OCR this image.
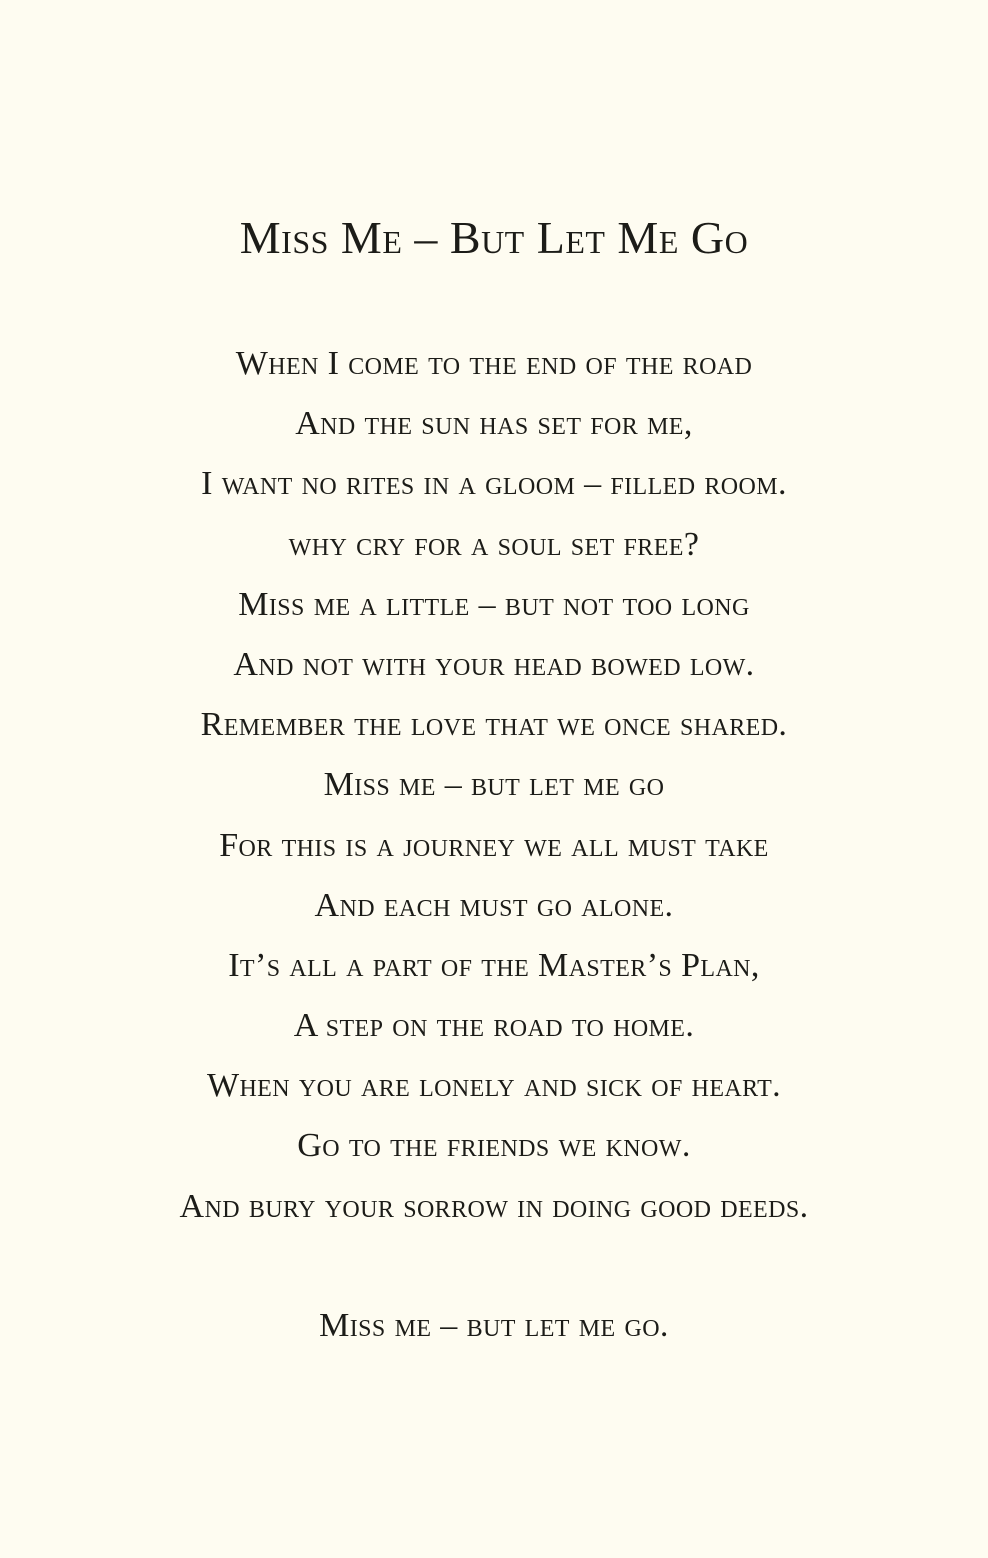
Miss Me – But Let Me Go
When I come to the end of the road
And the sun has set for me,
I want no rites in a gloom – filled room.
why cry for a soul set free?
Miss me a little – but not too long
And not with your head bowed low.
Remember the love that we once shared.
Miss me – but let me go
For this is a journey we all must take
And each must go alone.
It’s all a part of the Master’s Plan,
A step on the road to home.
When you are lonely and sick of heart.
Go to the friends we know.
And bury your sorrow in doing good deeds.

Miss me – but let me go.
